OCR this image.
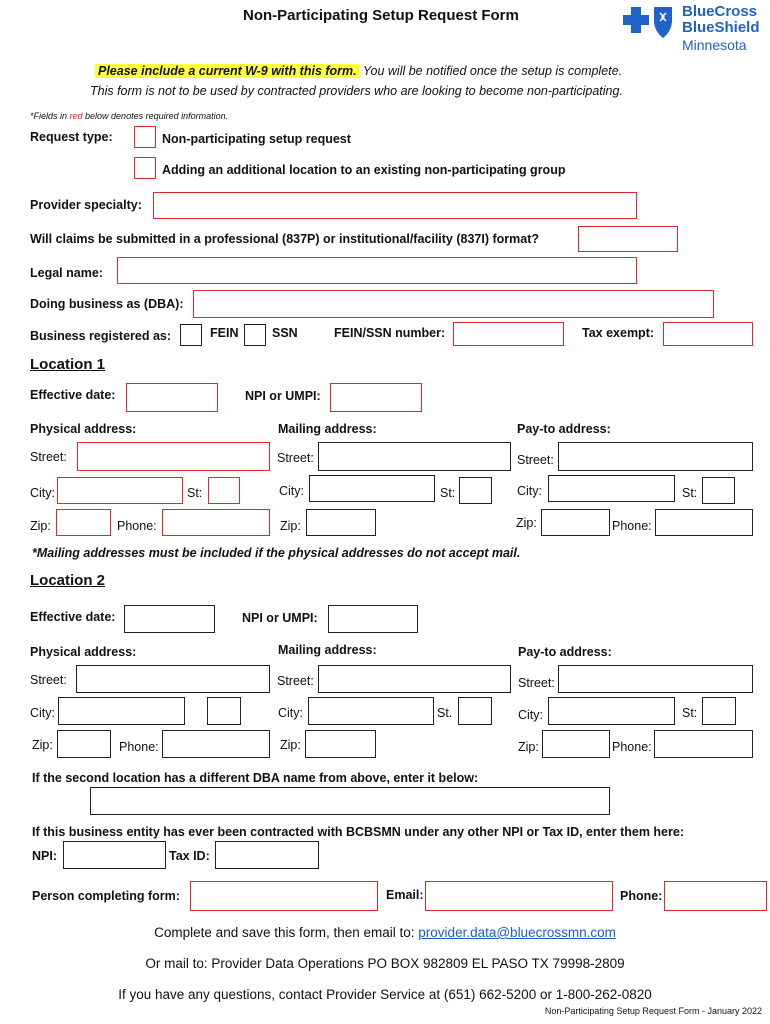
Non-Participating Setup Request Form	BlueCross
BlueShield
Minnesota
Please include a current W-9 with this form. You will be notified once the setup is complete.
This form is not to be used by contracted providers who are looking to become non-participating.
*Fields in red below denotes required information.
Request type:	Non-participating setup request
Adding an additional location to an existing non-participating group
Provider specialty:
Will claims be submitted in a professional (837P) or institutional/facility (837I) format?
Legal name:
Doing business as (DBA):
Business registered as:	FEIN	SSN	FEIN/SSN number:	Tax exempt:
Location 1
Effective date:	NPI or UMPI:
Physical address:	Mailing address:	Pay-to address:
Street:	Street:	Street:
City:	St:	City:	St:	City:	St:
Zip:	Phone:	Zip:	Zip:	Phone:
*Mailing addresses must be included if the physical addresses do not accept mail.
Location 2
Effective date:	NPI or UMPI:
Physical address:	Mailing address:	Pay-to address:
Street:	Street:	Street:
City:	City:	St.	City:	St:
Zip:	Phone:	Zip:	Zip:	Phone:
If the second location has a different DBA name from above, enter it below:
If this business entity has ever been contracted with BCBSMN under any other NPI or Tax ID, enter them here:
NPI:	Tax ID:
Person completing form:	Email:	Phone:
Complete and save this form, then email to: provider.data@bluecrossmn.com
Or mail to: Provider Data Operations PO BOX 982809 EL PASO TX 79998-2809
If you have any questions, contact Provider Service at (651) 662-5200 or 1-800-262-0820
Non-Participating Setup Request Form - January 2022
